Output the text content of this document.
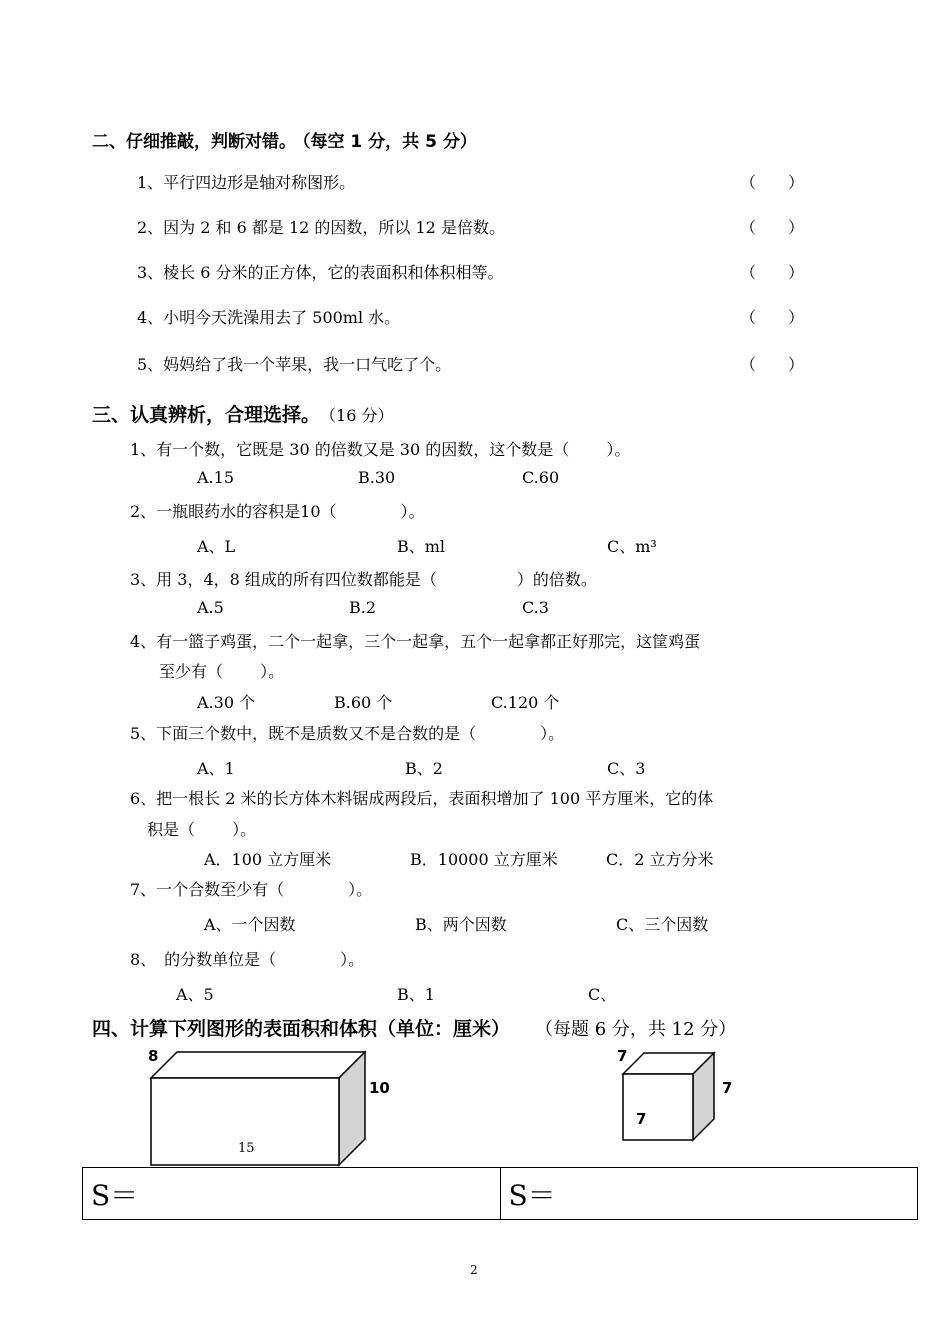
二、仔细推敲，判断对错。 （每空 1 分，共 5 分）
1、平行四边形是轴对称图形。	（　　）
2、因为 2 和 6 都是 12 的因数，所以 12 是倍数。	（　　）
3、棱长 6 分米的正方体，它的表面积和体积相等。	（　　）
4、小明今天洗澡用去了 500ml 水。	（　　）
5、妈妈给了我一个苹果，我一口气吃了个。	（　　）
三、认真辨析，合理选择。 （16 分）
1、有一个数，它既是 30 的倍数又是 30 的因数，这个数是（　　 ）。
A.15	B.30	C.60
2、一瓶眼药水的容积是10（　　　　）。
A、L	B、ml	C、m³
3、用 3，4，8 组成的所有四位数都能是（　　　　　）的倍数。
A.5	B.2	C.3
4、有一篮子鸡蛋，二个一起拿，三个一起拿，五个一起拿都正好那完，这筐鸡蛋
至少有（　　 ）。
A.30 个	B.60 个	C.120 个
5、下面三个数中，既不是质数又不是合数的是（　　　　）。
A、1	B、2	C、3
6、把一根长 2 米的长方体木料锯成两段后，表面积增加了 100 平方厘米，它的体
积是（　　 ）。
A．100 立方厘米	B．10000 立方厘米	C．2 立方分米
7、一个合数至少有（　　　　）。
A、一个因数	B、两个因数	C、三个因数
8、　的分数单位是（　　　　）。
A、5	B、1	C、
四、计算下列图形的表面积和体积（单位：厘米） （每题 6 分，共 12 分）
8
10
15
7
7
7
S＝	S＝
2
